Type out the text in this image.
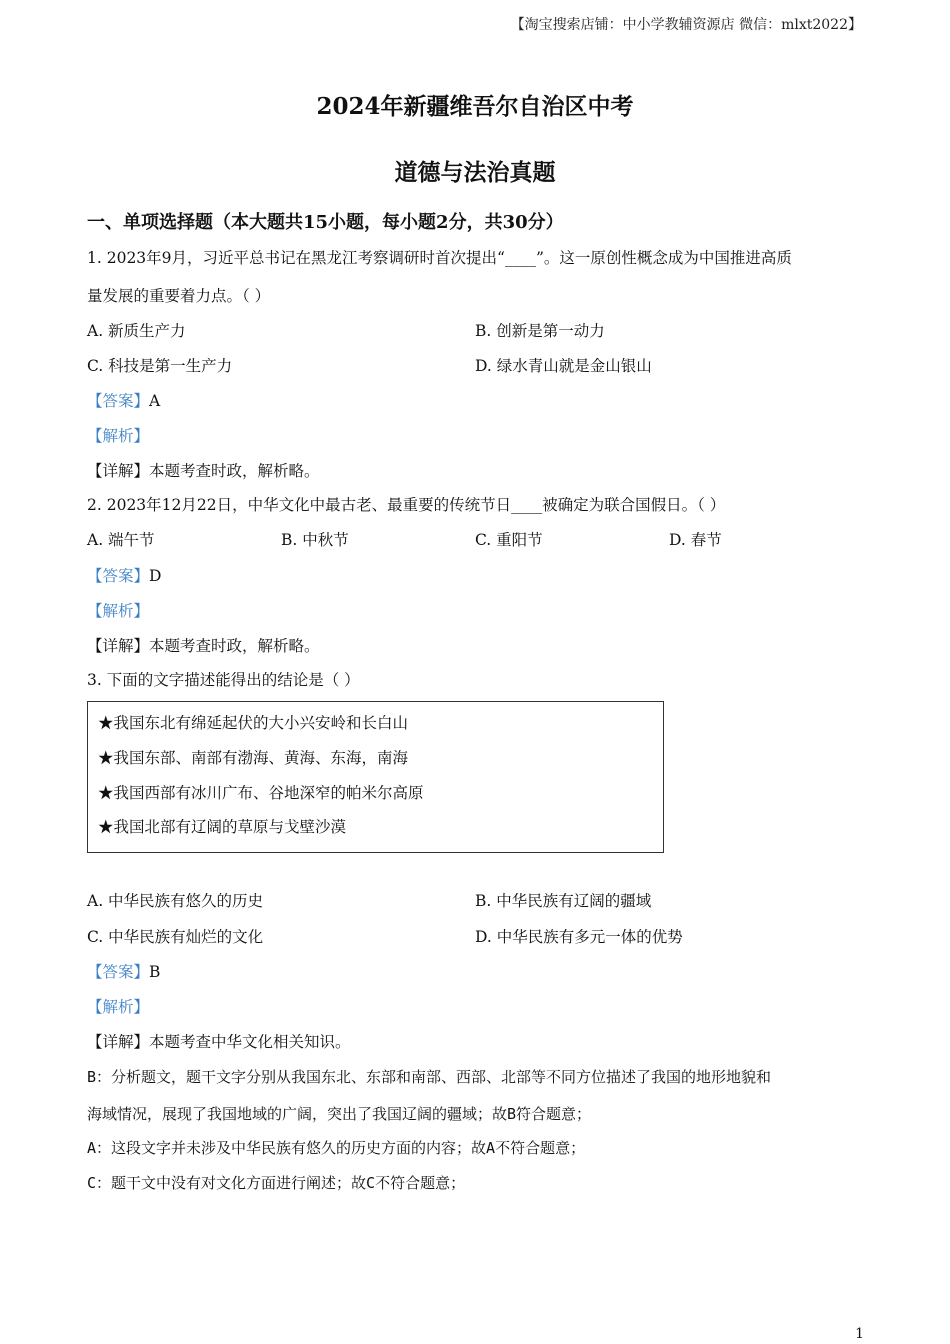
【淘宝搜索店铺：中小学教辅资源店 微信：mlxt2022】
2024年新疆维吾尔自治区中考
道德与法治真题
一、单项选择题（本大题共15小题，每小题2分，共30分）
1. 2023年9月，习近平总书记在黑龙江考察调研时首次提出“____”。这一原创性概念成为中国推进高质
量发展的重要着力点。（ ）
A. 新质生产力	B. 创新是第一动力
C. 科技是第一生产力	D. 绿水青山就是金山银山
【答案】A
【解析】
【详解】本题考查时政，解析略。
2. 2023年12月22日，中华文化中最古老、最重要的传统节日____被确定为联合国假日。（ ）
A. 端午节	B. 中秋节	C. 重阳节	D. 春节
【答案】D
【解析】
【详解】本题考查时政，解析略。
3. 下面的文字描述能得出的结论是（ ）
★我国东北有绵延起伏的大小兴安岭和长白山
★我国东部、南部有渤海、黄海、东海，南海
★我国西部有冰川广布、谷地深窄的帕米尔高原
★我国北部有辽阔的草原与戈壁沙漠
A. 中华民族有悠久的历史	B. 中华民族有辽阔的疆域
C. 中华民族有灿烂的文化	D. 中华民族有多元一体的优势
【答案】B
【解析】
【详解】本题考查中华文化相关知识。
B：分析题文，题干文字分别从我国东北、东部和南部、西部、北部等不同方位描述了我国的地形地貌和
海域情况，展现了我国地域的广阔，突出了我国辽阔的疆域；故B符合题意；
A：这段文字并未涉及中华民族有悠久的历史方面的内容；故A不符合题意；
C：题干文中没有对文化方面进行阐述；故C不符合题意；
1
